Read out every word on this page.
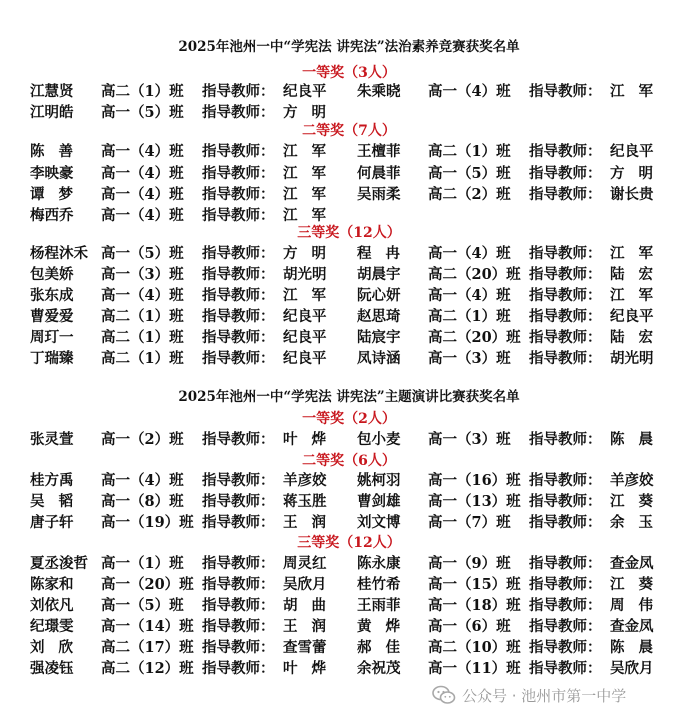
2025年池州一中“学宪法 讲宪法”法治素养竞赛获奖名单
一等奖（3人）
江慧贤	高二（1）班	指导教师： 纪良平	朱乘晓	高一（4）班	指导教师： 江军
江明皓	高一（5）班	指导教师： 方明
二等奖（7人）
陈善 高一（4）班	指导教师： 江军 王檀菲	高二（1）班	指导教师： 纪良平
李映豪	高一（4）班	指导教师： 江军 何晨菲	高一（5）班	指导教师： 方明
谭梦 高一（4）班	指导教师： 江军 吴雨柔	高二（2）班	指导教师： 谢长贵
梅西乔	高一（4）班	指导教师： 江军
三等奖（12人）
杨程沐禾 高一（5）班	指导教师： 方明 程冉 高一（4）班	指导教师： 江军
包美娇	高一（3）班	指导教师： 胡光明	胡晨宇	高二（20）班 指导教师： 陆宏
张东成	高一（4）班	指导教师： 江军 阮心妍	高一（4）班	指导教师： 江军
曹爱爱	高二（1）班	指导教师： 纪良平	赵思琦	高二（1）班	指导教师： 纪良平
周玎一	高二（1）班	指导教师： 纪良平	陆宸宇	高二（20）班 指导教师： 陆宏
丁瑞臻	高二（1）班	指导教师： 纪良平	凤诗涵	高一（3）班	指导教师： 胡光明
2025年池州一中“学宪法 讲宪法”主题演讲比赛获奖名单
一等奖（2人）
张灵萱	高一（2）班	指导教师： 叶烨 包小麦	高一（3）班	指导教师： 陈晨
二等奖（6人）
桂方禹	高一（4）班	指导教师： 羊彦姣	姚柯羽	高一（16）班 指导教师： 羊彦姣
吴韬 高一（8）班	指导教师： 蒋玉胜	曹剑雄	高一（13）班 指导教师： 江葵
唐子轩	高一（19）班 指导教师： 王润 刘文博	高一（7）班	指导教师： 余玉
三等奖（12人）
夏丞浚哲 高一（1）班	指导教师： 周灵红	陈永康	高一（9）班	指导教师： 查金凤
陈家和	高一（20）班 指导教师： 吴欣月	桂竹希	高一（15）班 指导教师： 江葵
刘依凡	高一（5）班	指导教师： 胡曲 王雨菲	高一（18）班 指导教师： 周伟
纪璟雯	高一（14）班 指导教师： 王润 黄烨 高一（6）班	指导教师： 查金凤
刘欣 高二（17）班 指导教师： 查雪蕾	郝佳 高二（10）班 指导教师： 陈晨
强凌钰	高二（12）班 指导教师： 叶烨 余祝茂	高一（11）班 指导教师： 吴欣月
公众号 · 池州市第一中学
